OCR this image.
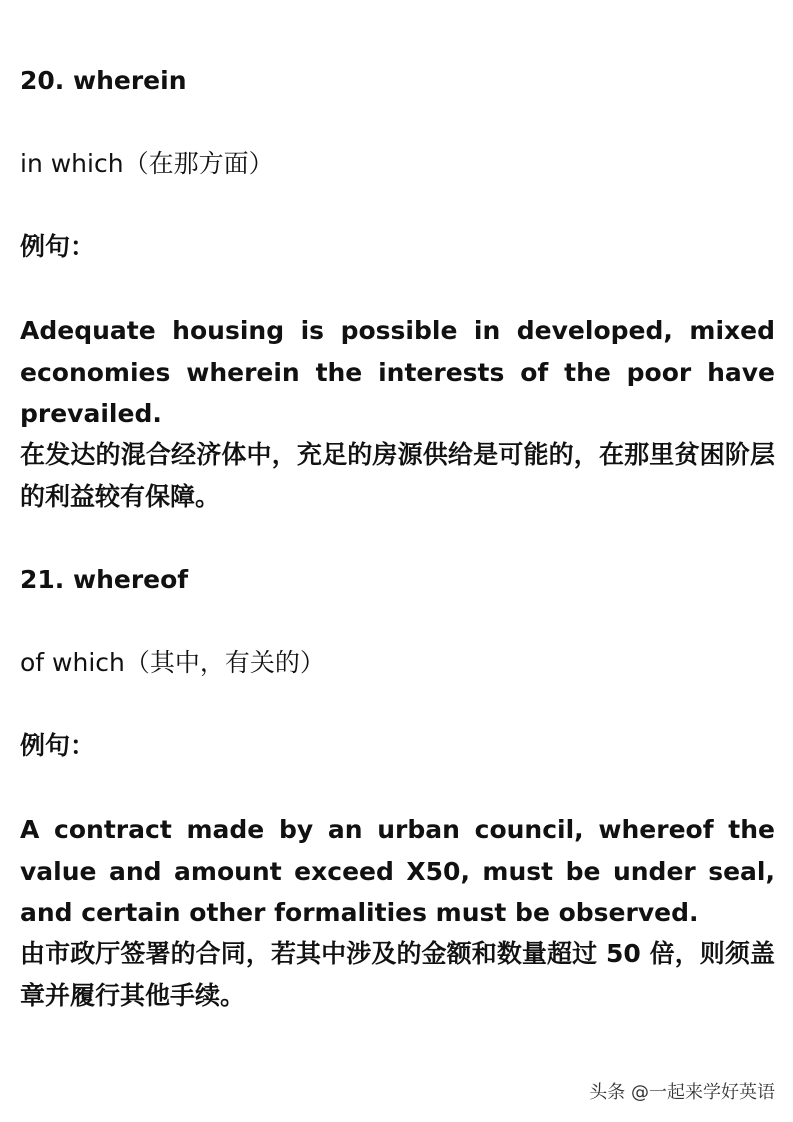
20. wherein
in which（在那方面）
例句：
Adequate housing is possible in developed, mixed economies wherein the interests of the poor have prevailed.
在发达的混合经济体中，充足的房源供给是可能的，在那里贫困阶层的利益较有保障。
21. whereof
of which（其中，有关的）
例句：
A contract made by an urban council, whereof the value and amount exceed X50, must be under seal, and certain other formalities must be observed.
由市政厅签署的合同，若其中涉及的金额和数量超过 50 倍，则须盖章并履行其他手续。
头条 @一起来学好英语
